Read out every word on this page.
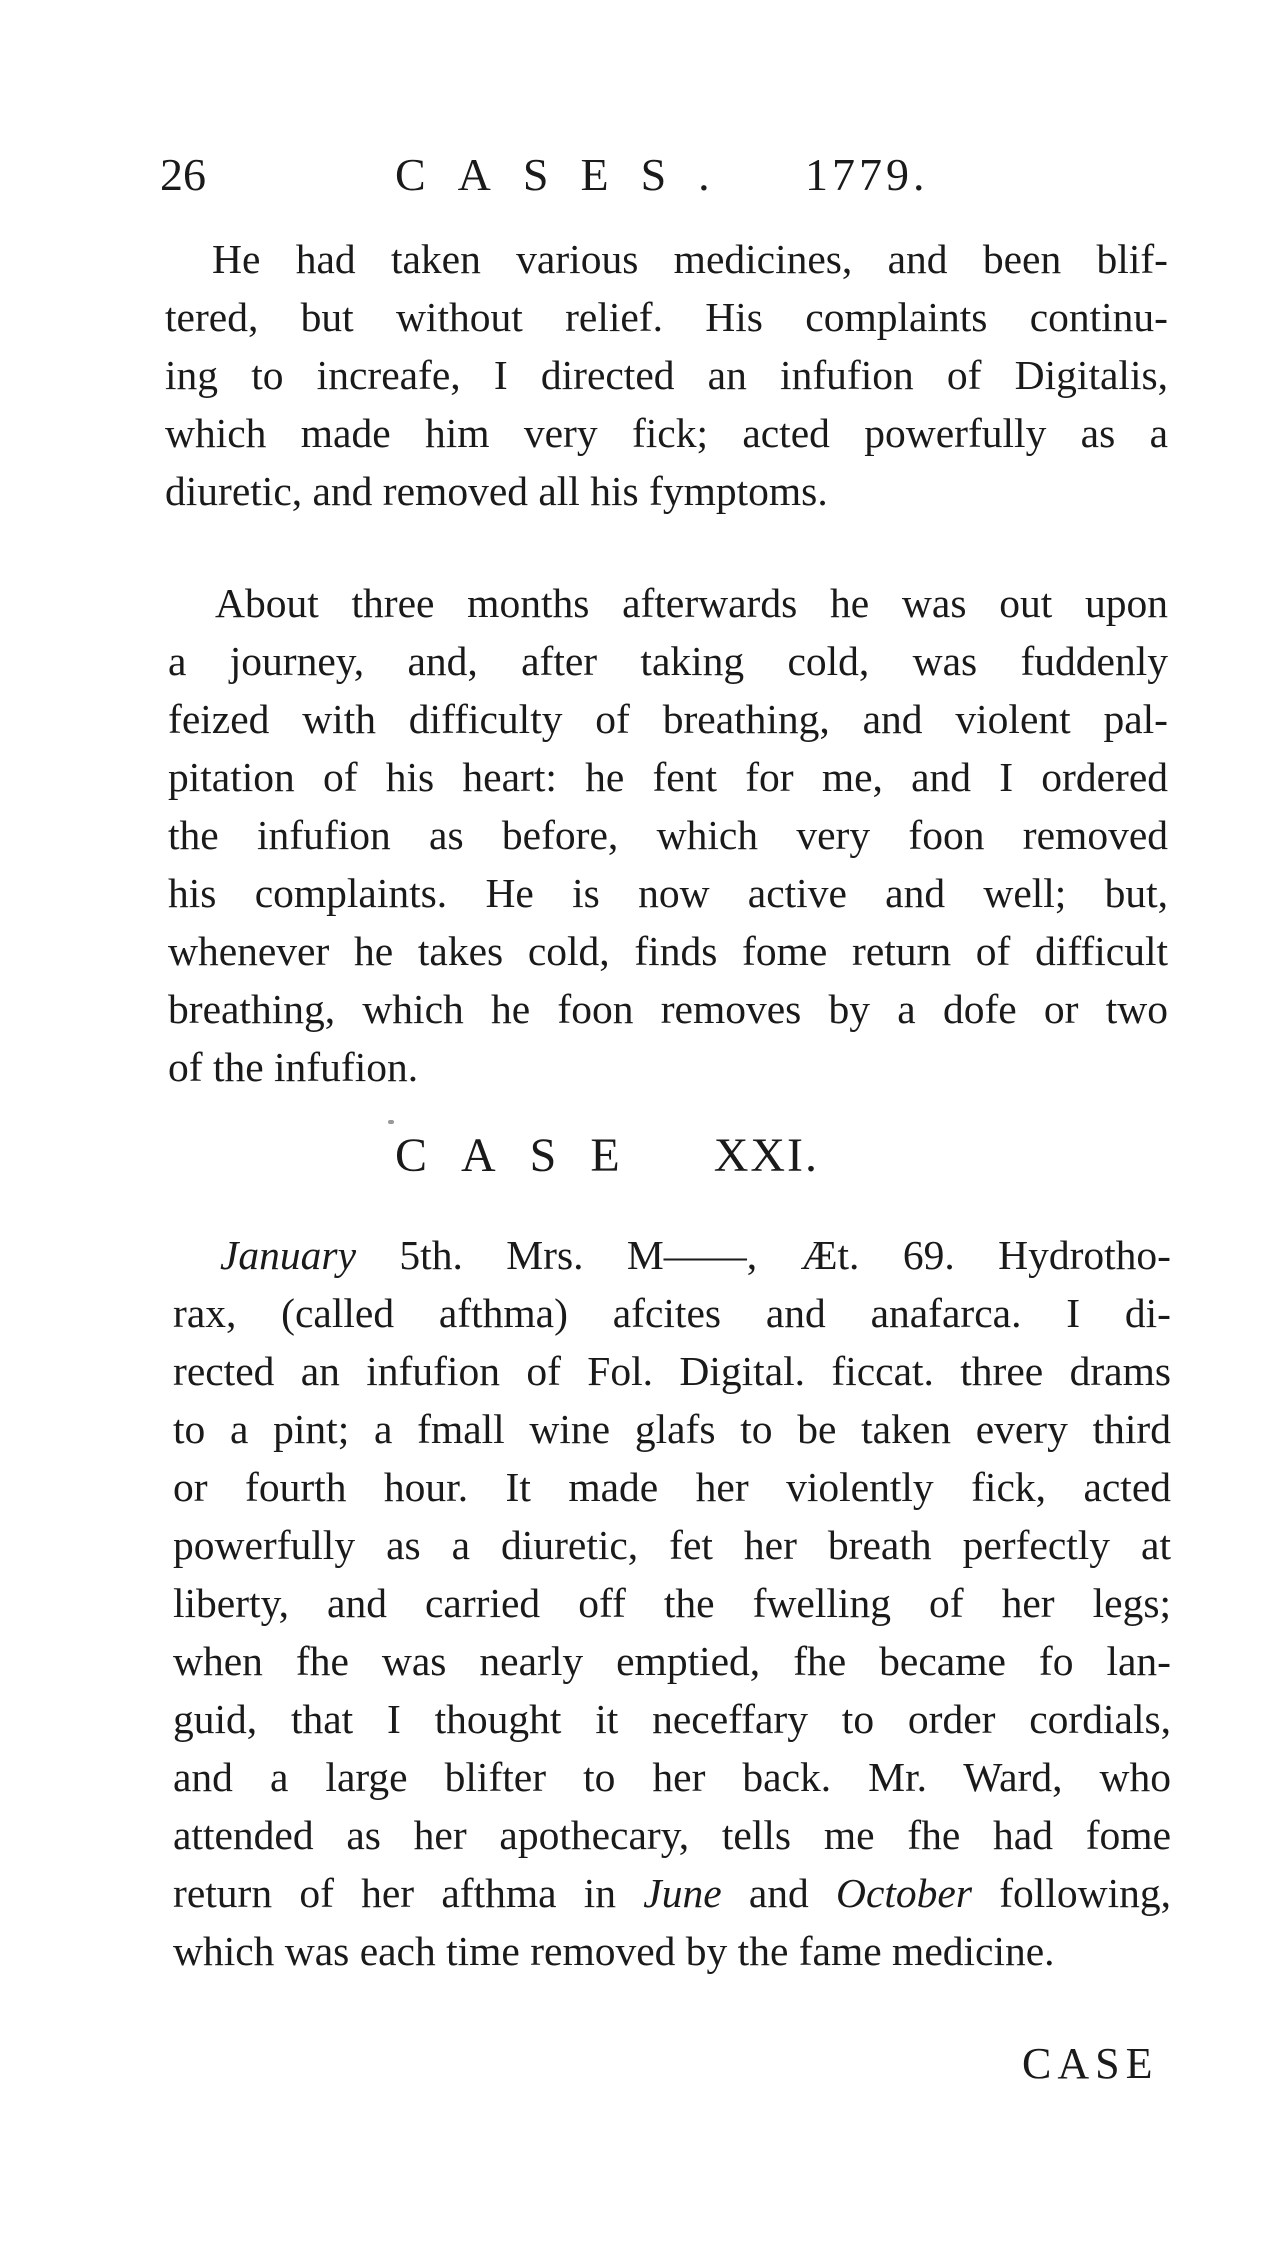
26	CASES. 1779.
He had taken various medicines, and been blif-
tered, but without relief. His complaints continu-
ing to increafe, I directed an infufion of Digitalis,
which made him very fick; acted powerfully as a
diuretic, and removed all his fymptoms.
About three months afterwards he was out upon
a journey, and, after taking cold, was fuddenly
feized with difficulty of breathing, and violent pal-
pitation of his heart: he fent for me, and I ordered
the infufion as before, which very foon removed
his complaints. He is now active and well; but,
whenever he takes cold, finds fome return of difficult
breathing, which he foon removes by a dofe or two
of the infufion.
CASE XXI.
January 5th. Mrs. M——, Æt. 69. Hydrotho-
rax, (called afthma) afcites and anafarca. I di-
rected an infufion of Fol. Digital. ficcat. three drams
to a pint; a fmall wine glafs to be taken every third
or fourth hour. It made her violently fick, acted
powerfully as a diuretic, fet her breath perfectly at
liberty, and carried off the fwelling of her legs;
when fhe was nearly emptied, fhe became fo lan-
guid, that I thought it neceffary to order cordials,
and a large blifter to her back. Mr. Ward, who
attended as her apothecary, tells me fhe had fome
return of her afthma in June and October following,
which was each time removed by the fame medicine.
CASE
